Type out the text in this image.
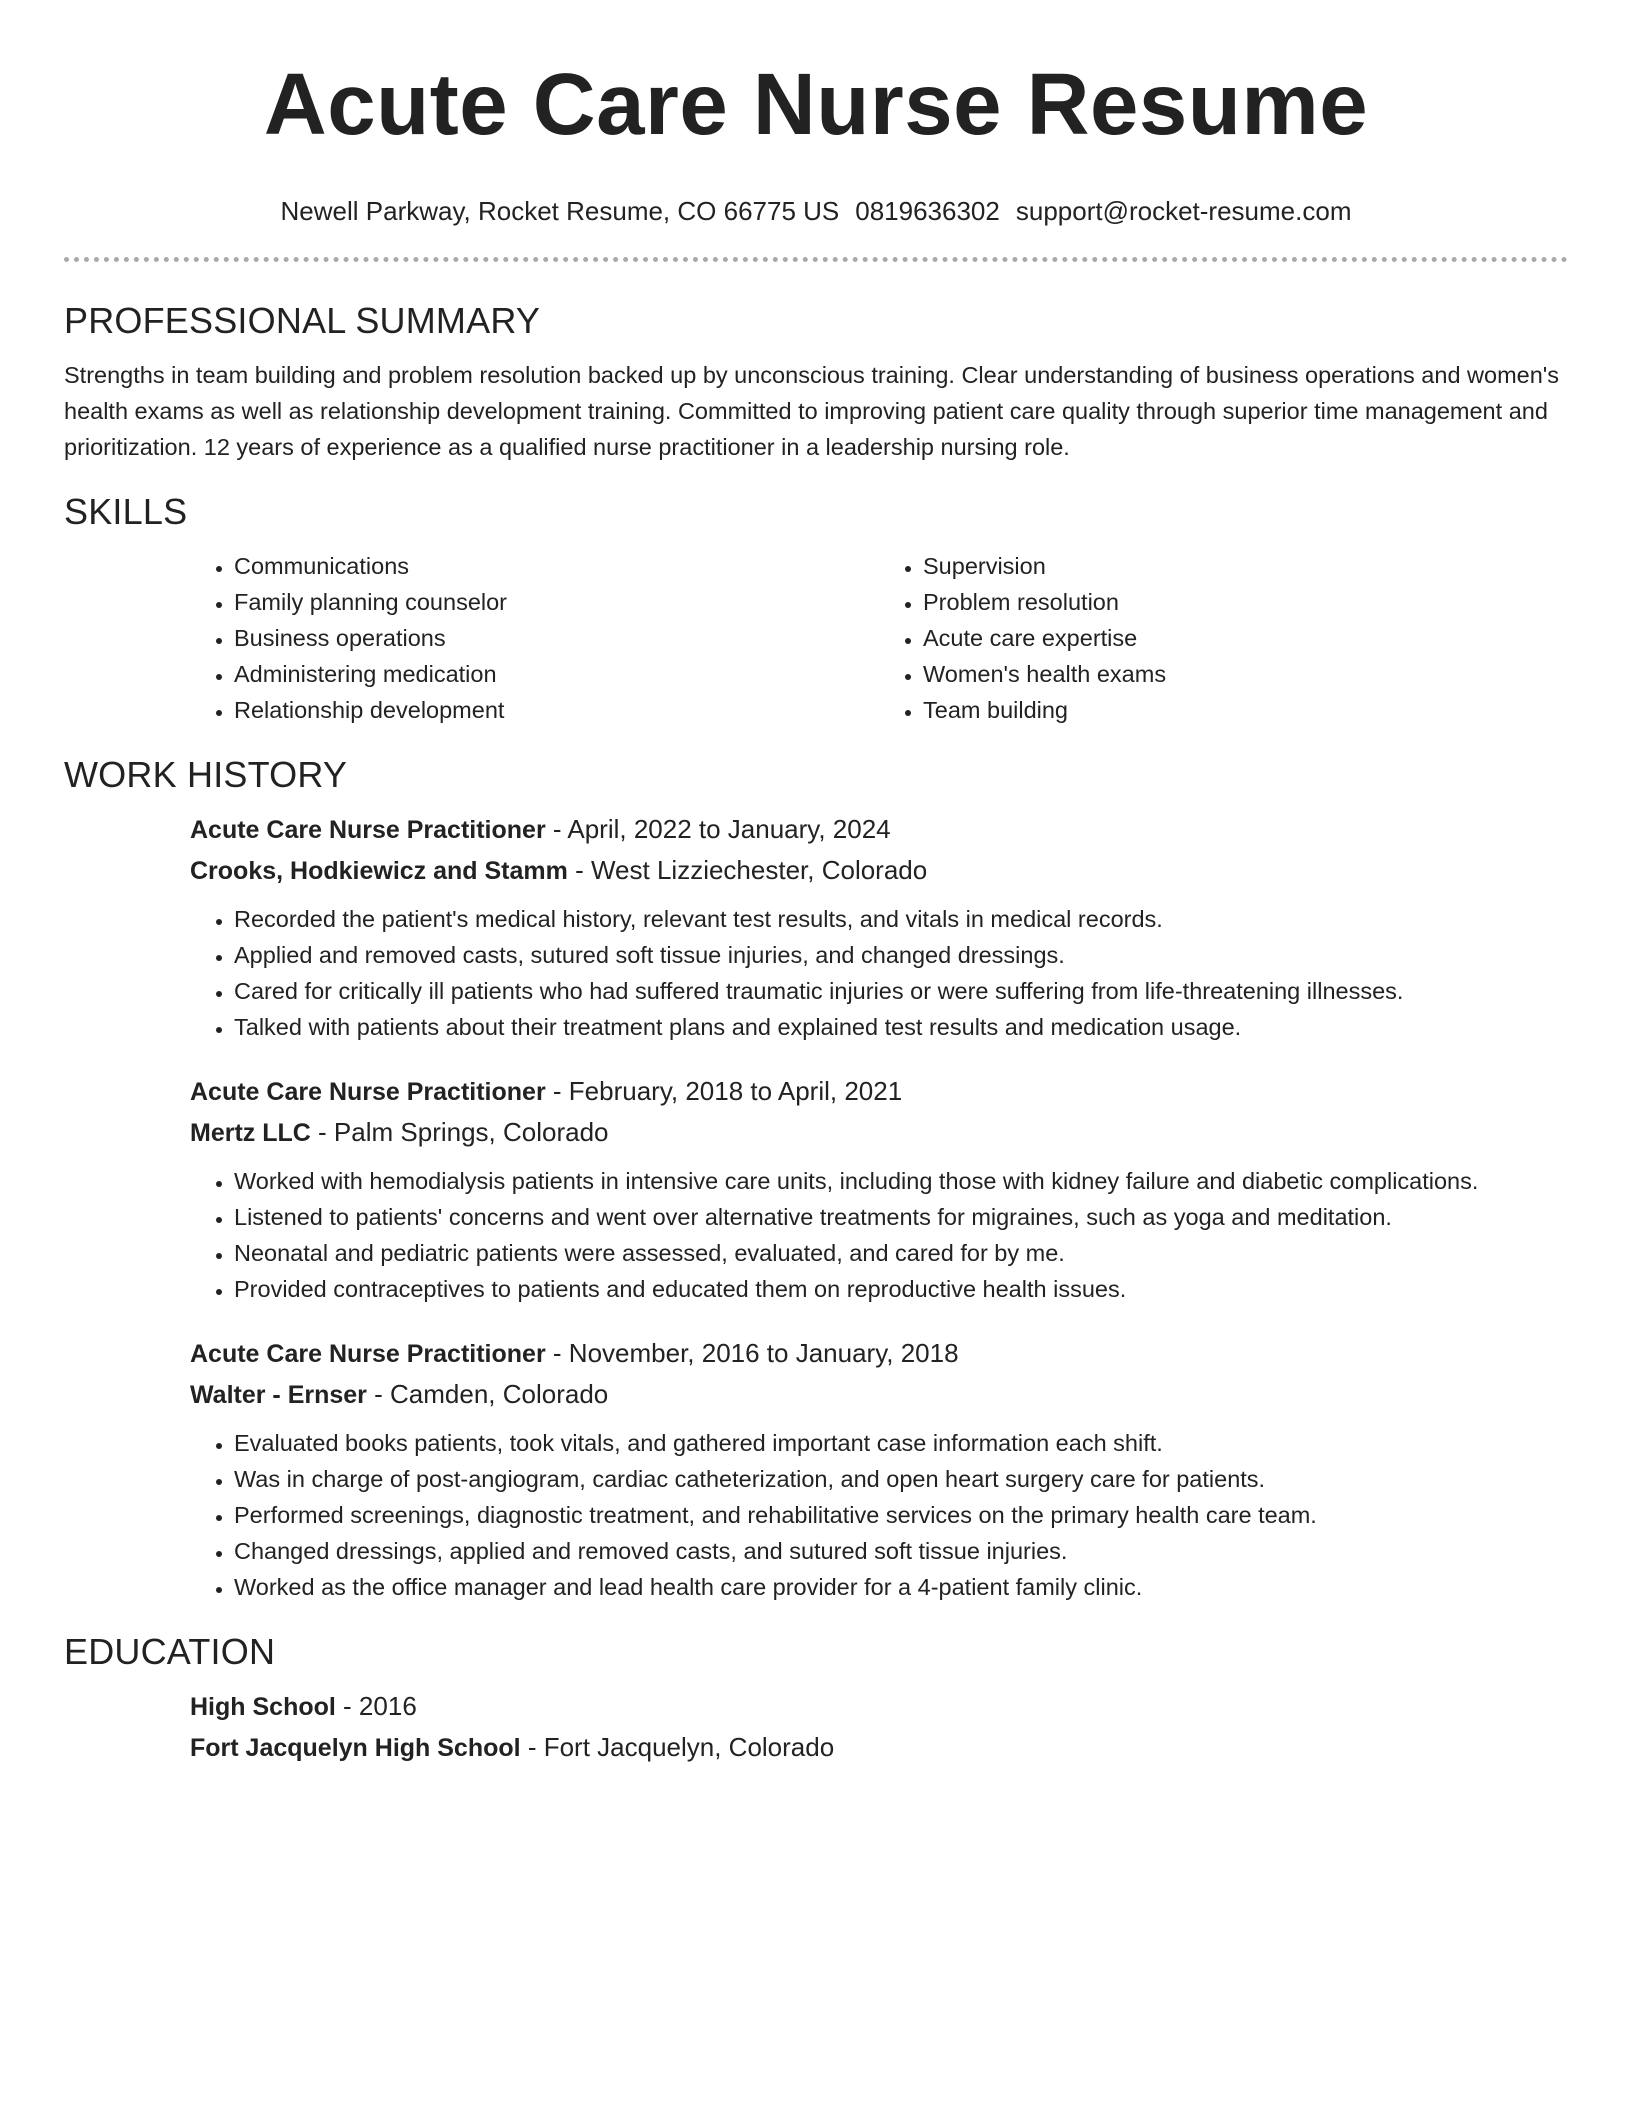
Acute Care Nurse Resume
Newell Parkway, Rocket Resume, CO 66775 US 0819636302 support@rocket-resume.com
PROFESSIONAL SUMMARY

Strengths in team building and problem resolution backed up by unconscious training. Clear understanding of business operations and women's health exams as well as relationship development training. Committed to improving patient care quality through superior time management and prioritization. 12 years of experience as a qualified nurse practitioner in a leadership nursing role.

SKILLS
• Communications
• Family planning counselor
• Business operations
• Administering medication
• Relationship development
• Supervision
• Problem resolution
• Acute care expertise
• Women's health exams
• Team building
WORK HISTORY

Acute Care Nurse Practitioner - April, 2022 to January, 2024

Crooks, Hodkiewicz and Stamm - West Lizziechester, Colorado

• Recorded the patient's medical history, relevant test results, and vitals in medical records.
• Applied and removed casts, sutured soft tissue injuries, and changed dressings.
• Cared for critically ill patients who had suffered traumatic injuries or were suffering from life-threatening illnesses.
• Talked with patients about their treatment plans and explained test results and medication usage.

Acute Care Nurse Practitioner - February, 2018 to April, 2021

Mertz LLC - Palm Springs, Colorado

• Worked with hemodialysis patients in intensive care units, including those with kidney failure and diabetic complications.
• Listened to patients' concerns and went over alternative treatments for migraines, such as yoga and meditation.
• Neonatal and pediatric patients were assessed, evaluated, and cared for by me.
• Provided contraceptives to patients and educated them on reproductive health issues.

Acute Care Nurse Practitioner - November, 2016 to January, 2018

Walter - Ernser - Camden, Colorado

• Evaluated books patients, took vitals, and gathered important case information each shift.
• Was in charge of post-angiogram, cardiac catheterization, and open heart surgery care for patients.
• Performed screenings, diagnostic treatment, and rehabilitative services on the primary health care team.
• Changed dressings, applied and removed casts, and sutured soft tissue injuries.
• Worked as the office manager and lead health care provider for a 4-patient family clinic.
EDUCATION

High School - 2016

Fort Jacquelyn High School - Fort Jacquelyn, Colorado
